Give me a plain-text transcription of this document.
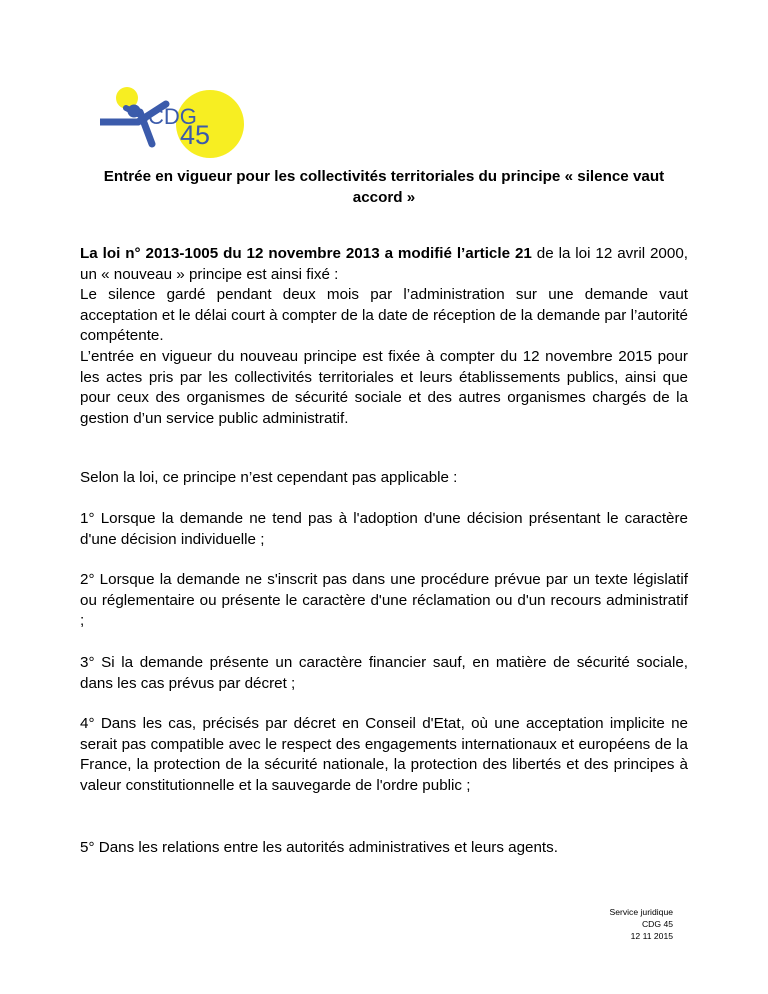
CDG
45

Entrée en vigueur pour les collectivités territoriales du principe « silence vaut accord »

La loi n° 2013-1005 du 12 novembre 2013 a modifié l’article 21 de la loi 12 avril 2000, un « nouveau » principe est ainsi fixé :
Le silence gardé pendant deux mois par l’administration sur une demande vaut acceptation et le délai court à compter de la date de réception de la demande par l’autorité compétente.
L’entrée en vigueur du nouveau principe est fixée à compter du 12 novembre 2015 pour les actes pris par les collectivités territoriales et leurs établissements publics, ainsi que pour ceux des organismes de sécurité sociale et des autres organismes chargés de la gestion d’un service public administratif.

Selon la loi, ce principe n’est cependant pas applicable :

1° Lorsque la demande ne tend pas à l'adoption d'une décision présentant le caractère d'une décision individuelle ;

2° Lorsque la demande ne s'inscrit pas dans une procédure prévue par un texte législatif ou réglementaire ou présente le caractère d'une réclamation ou d'un recours administratif ;

3° Si la demande présente un caractère financier sauf, en matière de sécurité sociale, dans les cas prévus par décret ;

4° Dans les cas, précisés par décret en Conseil d'Etat, où une acceptation implicite ne serait pas compatible avec le respect des engagements internationaux et européens de la France, la protection de la sécurité nationale, la protection des libertés et des principes à valeur constitutionnelle et la sauvegarde de l'ordre public ;

5° Dans les relations entre les autorités administratives et leurs agents.

Service juridique
CDG 45
12 11 2015
